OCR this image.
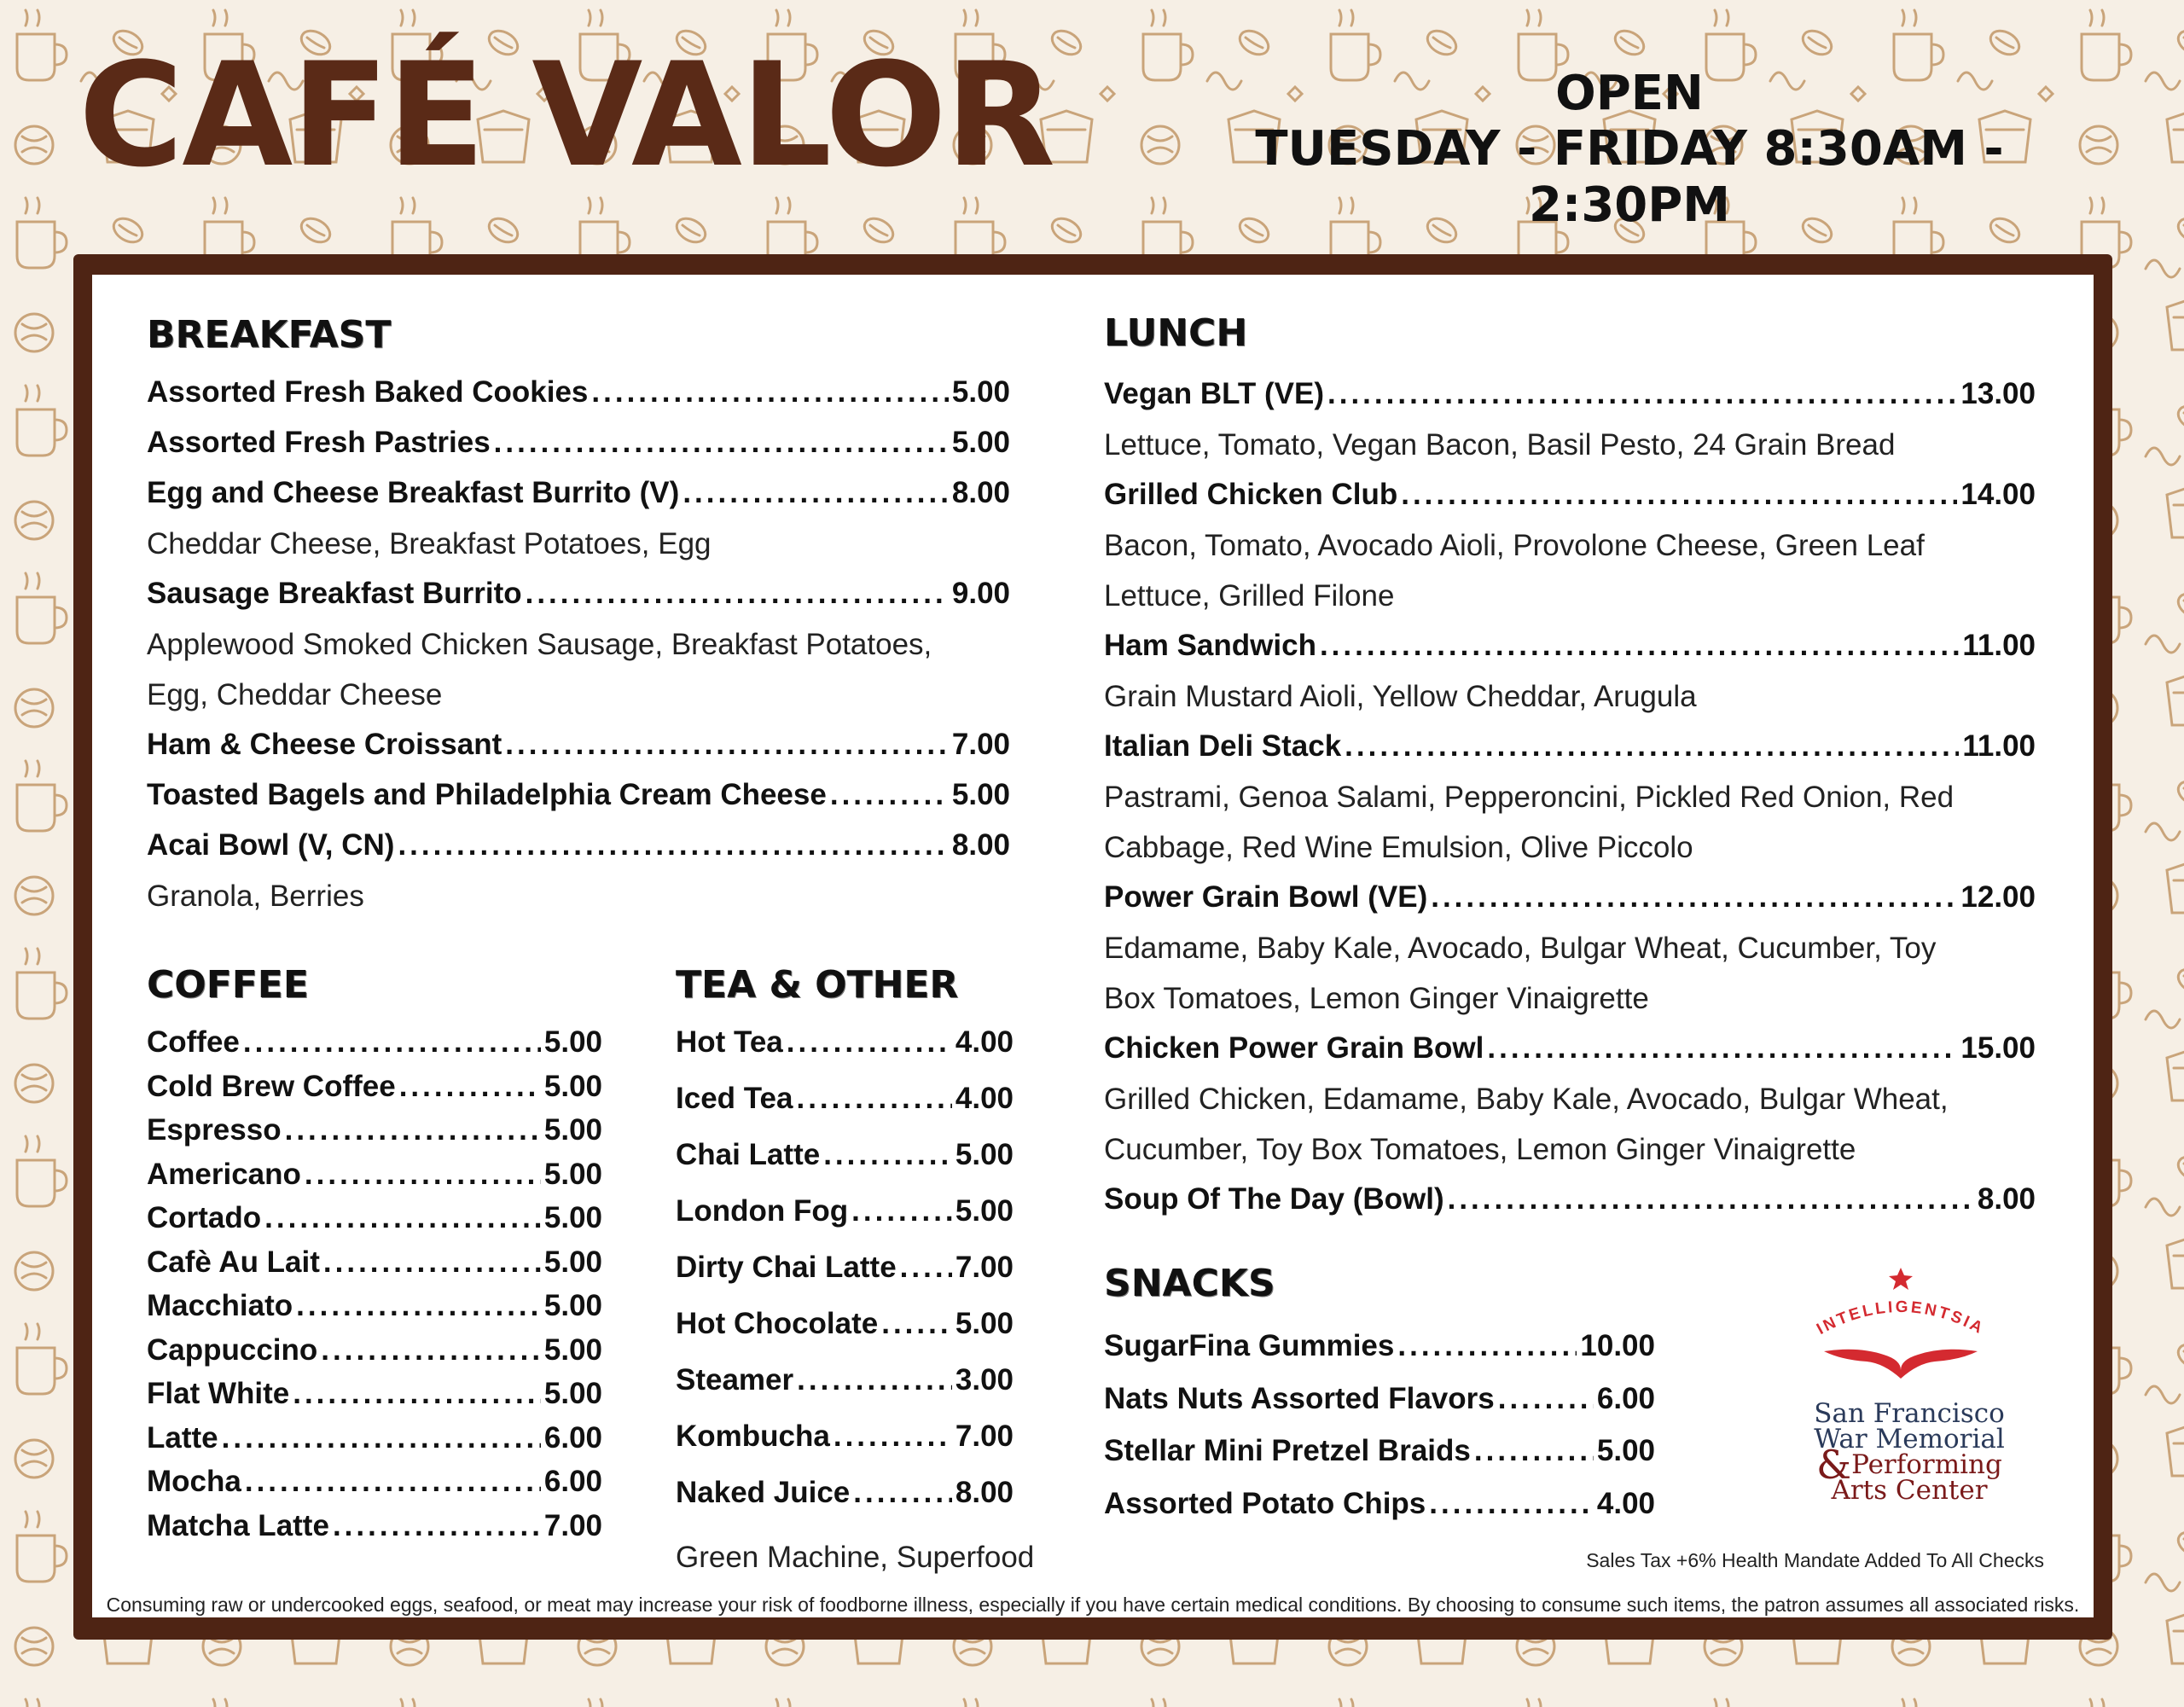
CAFÉ VALOR	OPEN
TUESDAY - FRIDAY 8:30AM - 2:30PM
BREAKFAST
Assorted Fresh Baked Cookies .....	5.00
Assorted Fresh Pastries .....	5.00
Egg and Cheese Breakfast Burrito (V) .....	8.00

Cheddar Cheese, Breakfast Potatoes, Egg

Sausage Breakfast Burrito .....	9.00

Applewood Smoked Chicken Sausage, Breakfast Potatoes,

Egg, Cheddar Cheese

Ham & Cheese Croissant .....	7.00
Toasted Bagels and Philadelphia Cream Cheese .....	5.00
Acai Bowl (V, CN) .....	8.00

Granola, Berries

LUNCH
Vegan BLT (VE) .....	13.00

Lettuce, Tomato, Vegan Bacon, Basil Pesto, 24 Grain Bread

Grilled Chicken Club .....	14.00

Bacon, Tomato, Avocado Aioli, Provolone Cheese, Green Leaf

Lettuce, Grilled Filone

Ham Sandwich .....	11.00

Grain Mustard Aioli, Yellow Cheddar, Arugula

Italian Deli Stack .....	11.00

Pastrami, Genoa Salami, Pepperoncini, Pickled Red Onion, Red

Cabbage, Red Wine Emulsion, Olive Piccolo

Power Grain Bowl (VE) .....	12.00

Edamame, Baby Kale, Avocado, Bulgar Wheat, Cucumber, Toy

Box Tomatoes, Lemon Ginger Vinaigrette

Chicken Power Grain Bowl .....	15.00

Grilled Chicken, Edamame, Baby Kale, Avocado, Bulgar Wheat,

Cucumber, Toy Box Tomatoes, Lemon Ginger Vinaigrette

Soup Of The Day (Bowl) .....	8.00
COFFEE
Coffee .....	5.00
Cold Brew Coffee .....	5.00
Espresso .....	5.00
Americano .....	5.00
Cortado .....	5.00
Cafè Au Lait .....	5.00
Macchiato .....	5.00
Cappuccino .....	5.00
Flat White .....	5.00
Latte .....	6.00
Mocha .....	6.00
Matcha Latte .....	7.00
TEA & OTHER
Hot Tea .....	4.00
Iced Tea .....	4.00
Chai Latte .....	5.00
London Fog .....	5.00
Dirty Chai Latte ..... 7.00
Hot Chocolate .....	5.00
Steamer .....	3.00
Kombucha .....	7.00
Naked Juice .....	8.00

Green Machine, Superfood

SNACKS
SugarFina Gummies .....	10.00
Nats Nuts Assorted Flavors .....	6.00
Stellar Mini Pretzel Braids .....	5.00
Assorted Potato Chips .....	4.00
INTELLIGENTSIA
San Francisco
War Memorial
&Performing
Arts Center
Sales Tax +6% Health Mandate Added To All Checks
Consuming raw or undercooked eggs, seafood, or meat may increase your risk of foodborne illness, especially if you have certain medical conditions. By choosing to consume such items, the patron assumes all associated risks.
